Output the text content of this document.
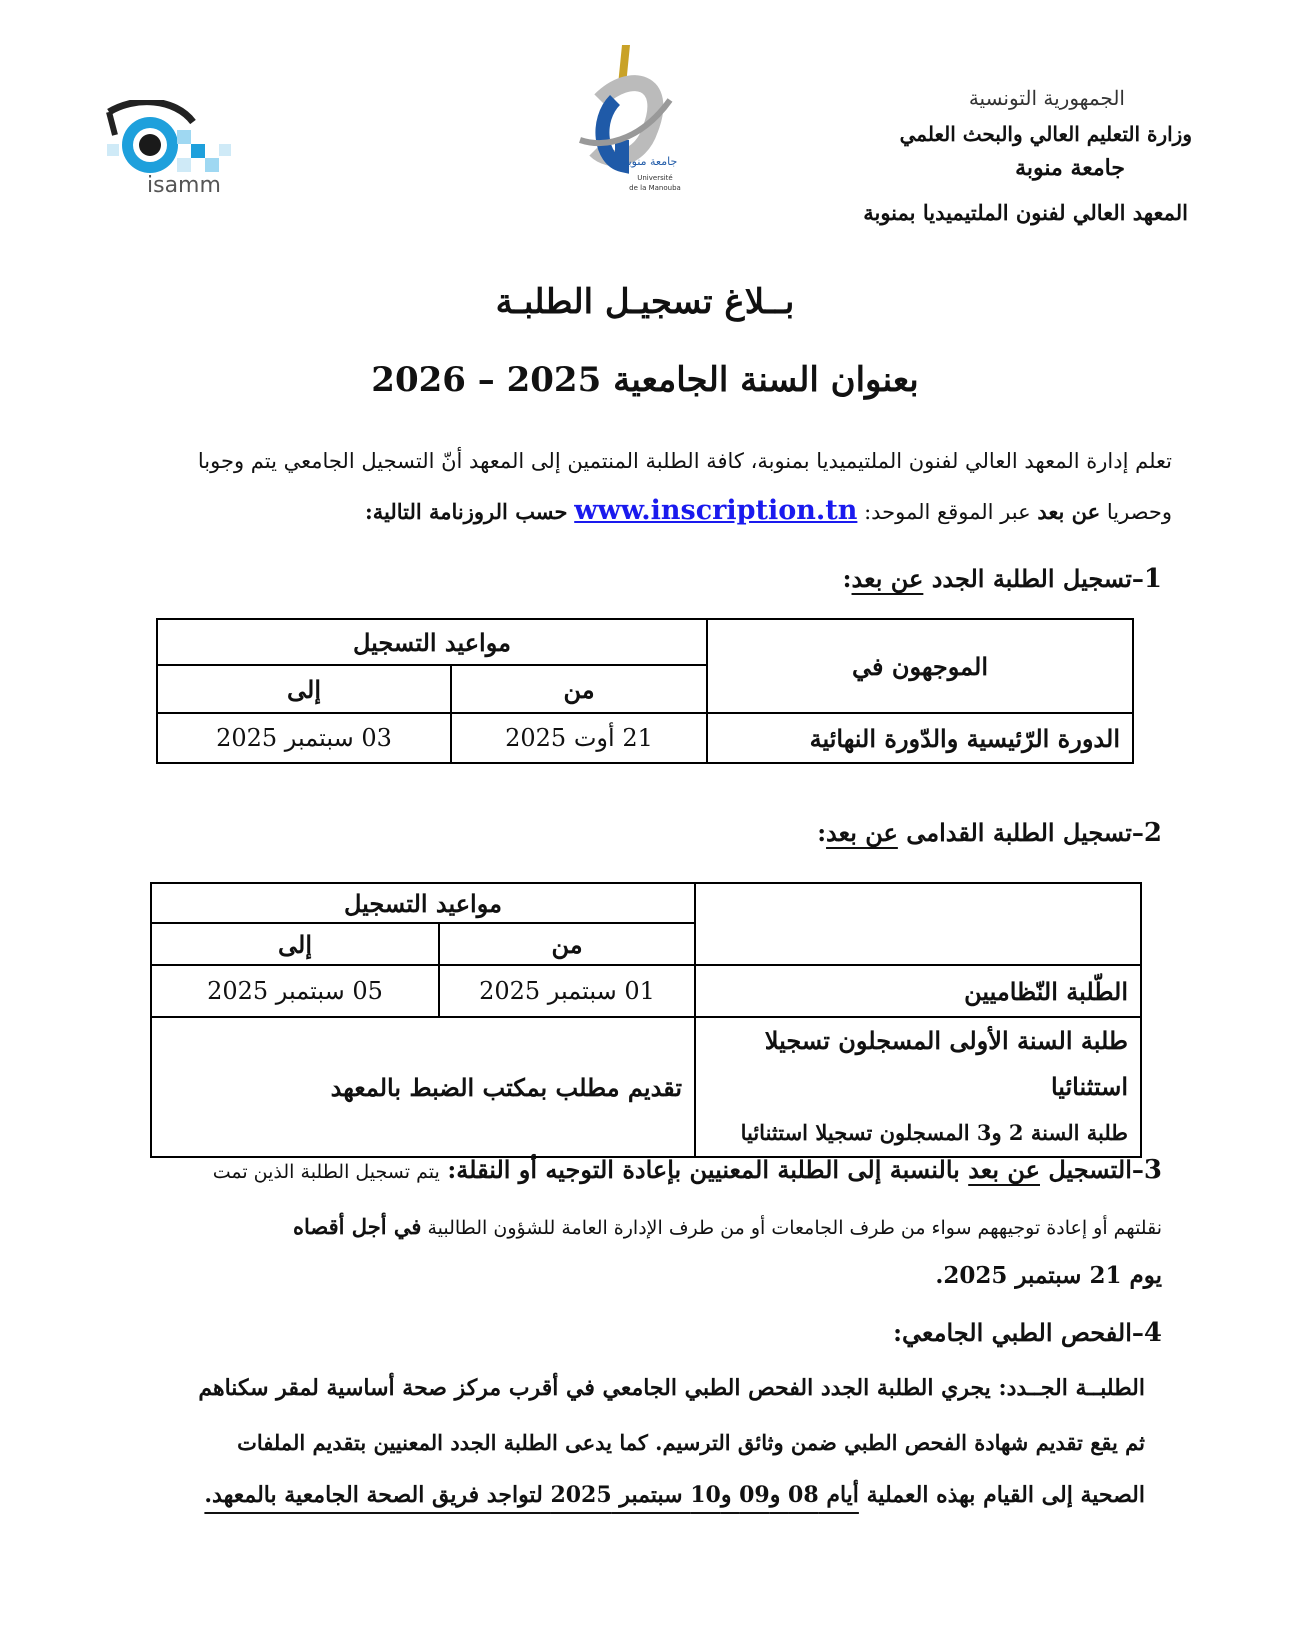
الجمهورية التونسية
وزارة التعليم العالي والبحث العلمي
جامعة منوبة
المعهد العالي لفنون الملتيميديا بمنوبة
جامعة منوبة
Université
de la Manouba
isamm
بــلاغ تسجيـل الطلبـة
بعنوان السنة الجامعية 2025 – 2026
تعلم إدارة المعهد العالي لفنون الملتيميديا بمنوبة، كافة الطلبة المنتمين إلى المعهد أنّ التسجيل الجامعي يتم وجوبا
وحصريا عن بعد عبر الموقع الموحد: www.inscription.tn حسب الروزنامة التالية:
1–تسجيل الطلبة الجدد عن بعد:
الموجهون في	مواعيد التسجيل	
	من	إلى
الدورة الرّئيسية والدّورة النهائية	21 أوت 2025	03 سبتمبر 2025
2–تسجيل الطلبة القدامى عن بعد:
	مواعيد التسجيل	
	من	إلى
الطّلبة النّظاميين	01 سبتمبر 2025	05 سبتمبر 2025

طلبة السنة الأولى المسجلون تسجيلا استثنائيا
طلبة السنة 2 و3 المسجلون تسجيلا استثنائيا	تقديم مطلب بمكتب الضبط بالمعهد	
3–التسجيل عن بعد بالنسبة إلى الطلبة المعنيين بإعادة التوجيه أو النقلة: يتم تسجيل الطلبة الذين تمت
نقلتهم أو إعادة توجيههم سواء من طرف الجامعات أو من طرف الإدارة العامة للشؤون الطالبية في أجل أقصاه
يوم 21 سبتمبر 2025.
4–الفحص الطبي الجامعي:
الطلبــة الجــدد: يجري الطلبة الجدد الفحص الطبي الجامعي في أقرب مركز صحة أساسية لمقر سكناهم
ثم يقع تقديم شهادة الفحص الطبي ضمن وثائق الترسيم. كما يدعى الطلبة الجدد المعنيين بتقديم الملفات
الصحية إلى القيام بهذه العملية أيام 08 و09 و10 سبتمبر 2025 لتواجد فريق الصحة الجامعية بالمعهد.
